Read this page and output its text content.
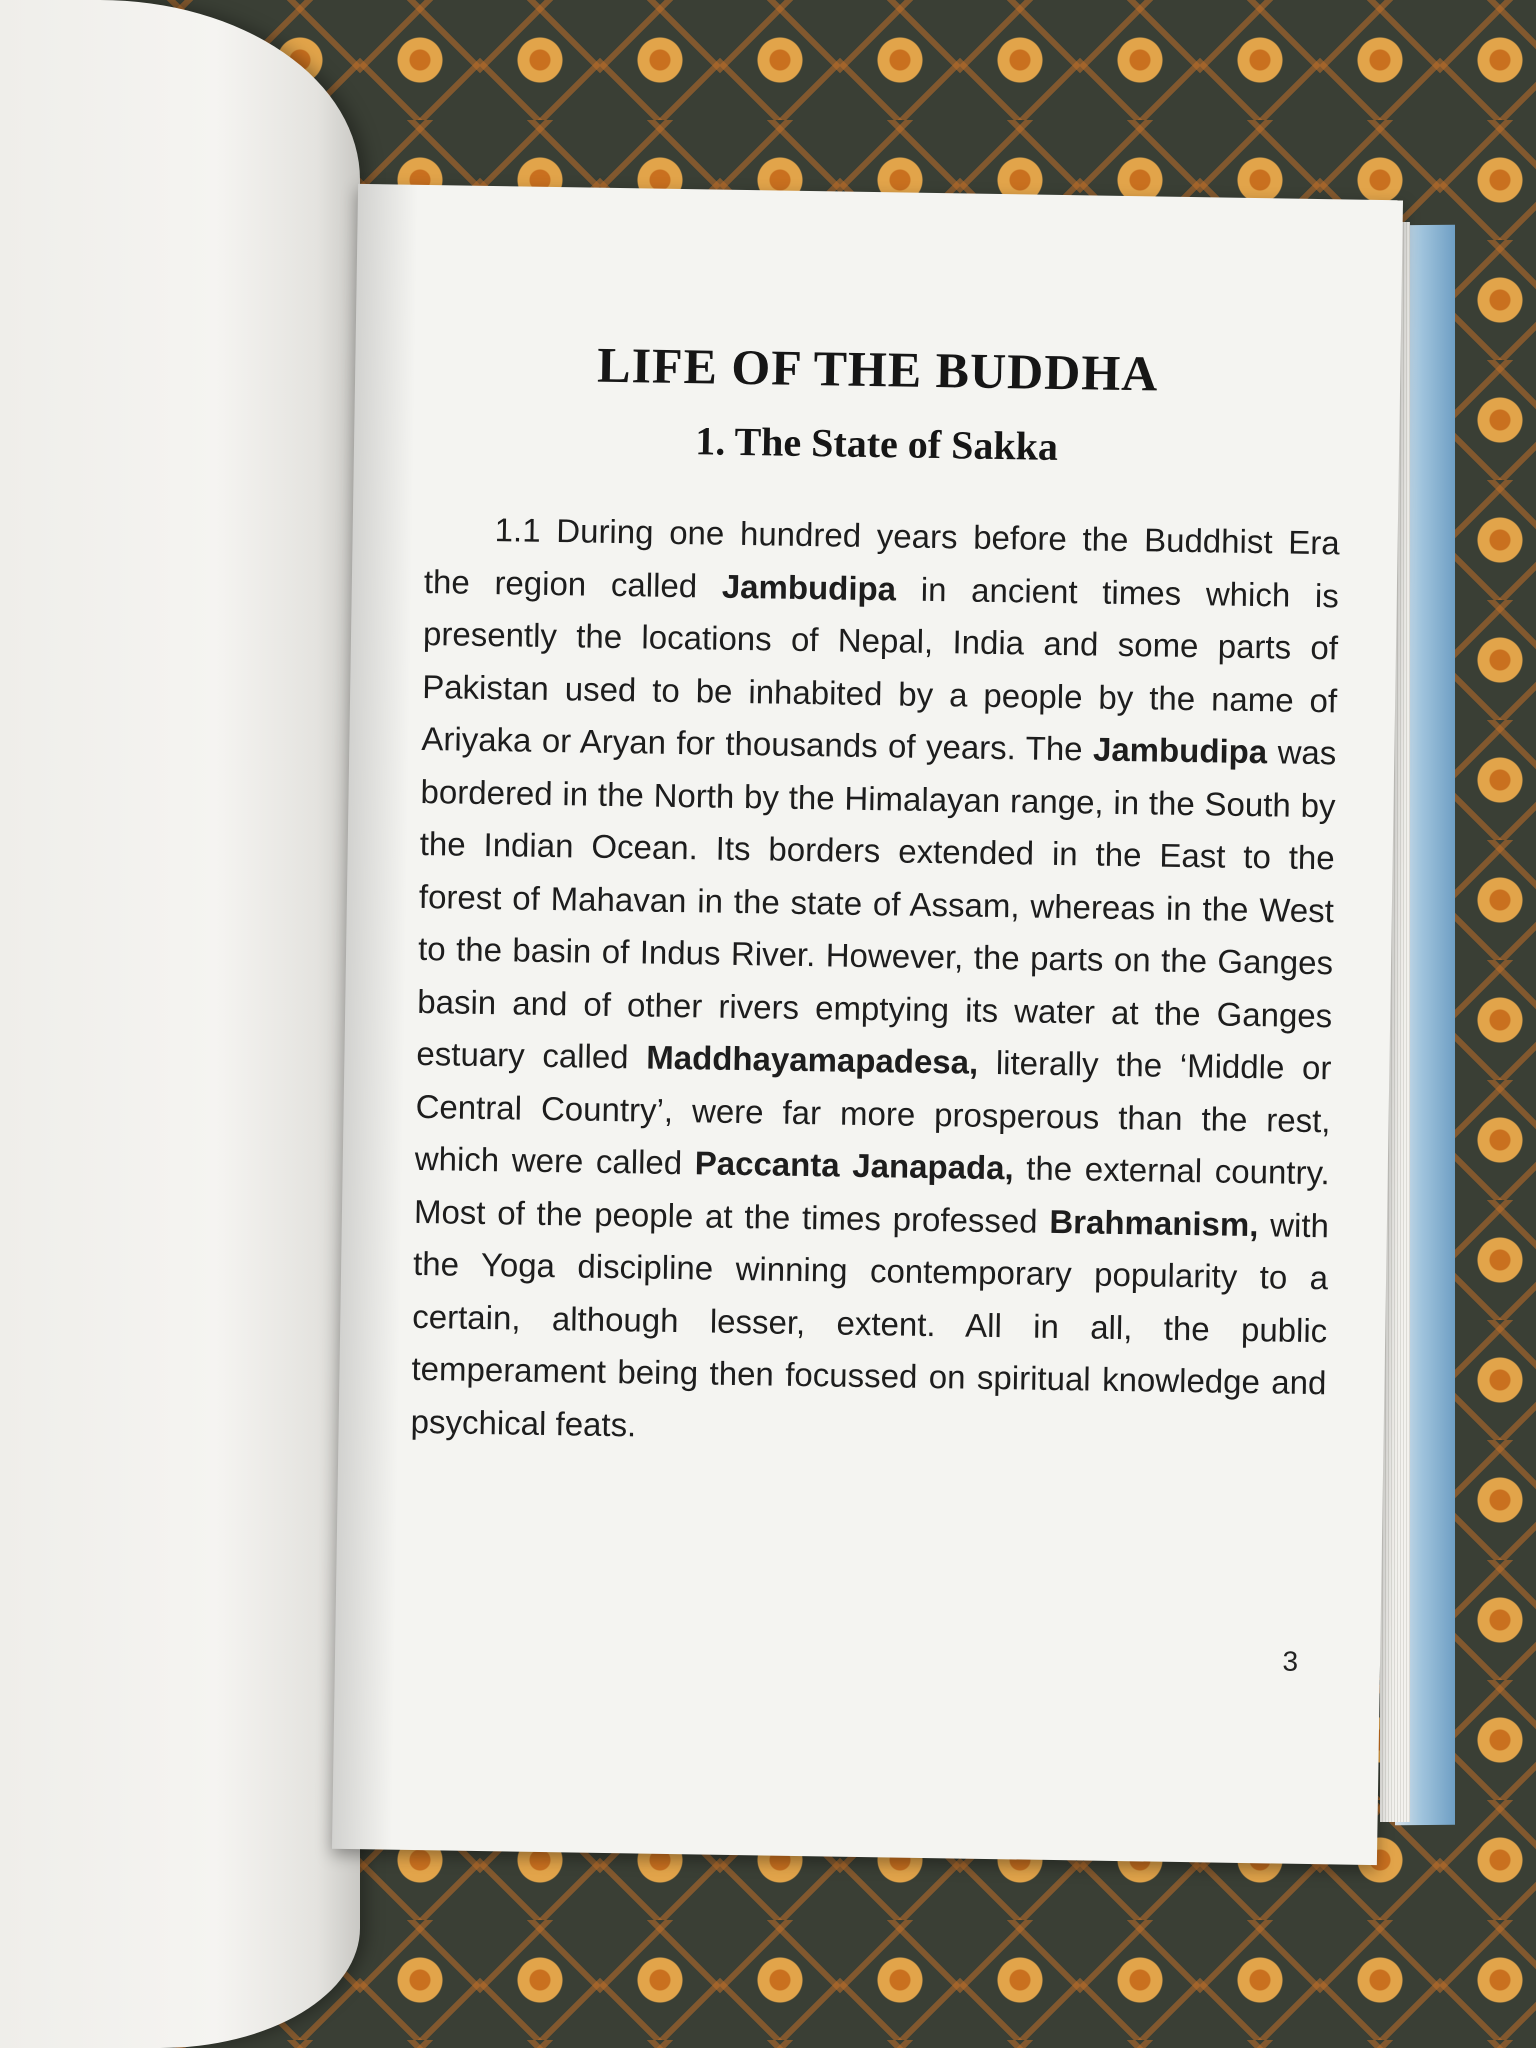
LIFE OF THE BUDDHA
1. The State of Sakka

1.1 During one hundred years before the Buddhist Era the region called Jambudipa in ancient times which is presently the locations of Nepal, India and some parts of Pakistan used to be inhabited by a people by the name of Ariyaka or Aryan for thousands of years. The Jambudipa was bordered in the North by the Himalayan range, in the South by the Indian Ocean. Its borders extended in the East to the forest of Mahavan in the state of Assam, whereas in the West to the basin of Indus River. However, the parts on the Ganges basin and of other rivers emptying its water at the Ganges estuary called Maddhayamapadesa, literally the ‘Middle or Central Country’, were far more prosperous than the rest, which were called Paccanta Janapada, the external country. Most of the people at the times professed Brahmanism, with the Yoga discipline winning contemporary popularity to a certain, although lesser, extent. All in all, the public temperament being then focussed on spiritual knowledge and psychical feats.

3
